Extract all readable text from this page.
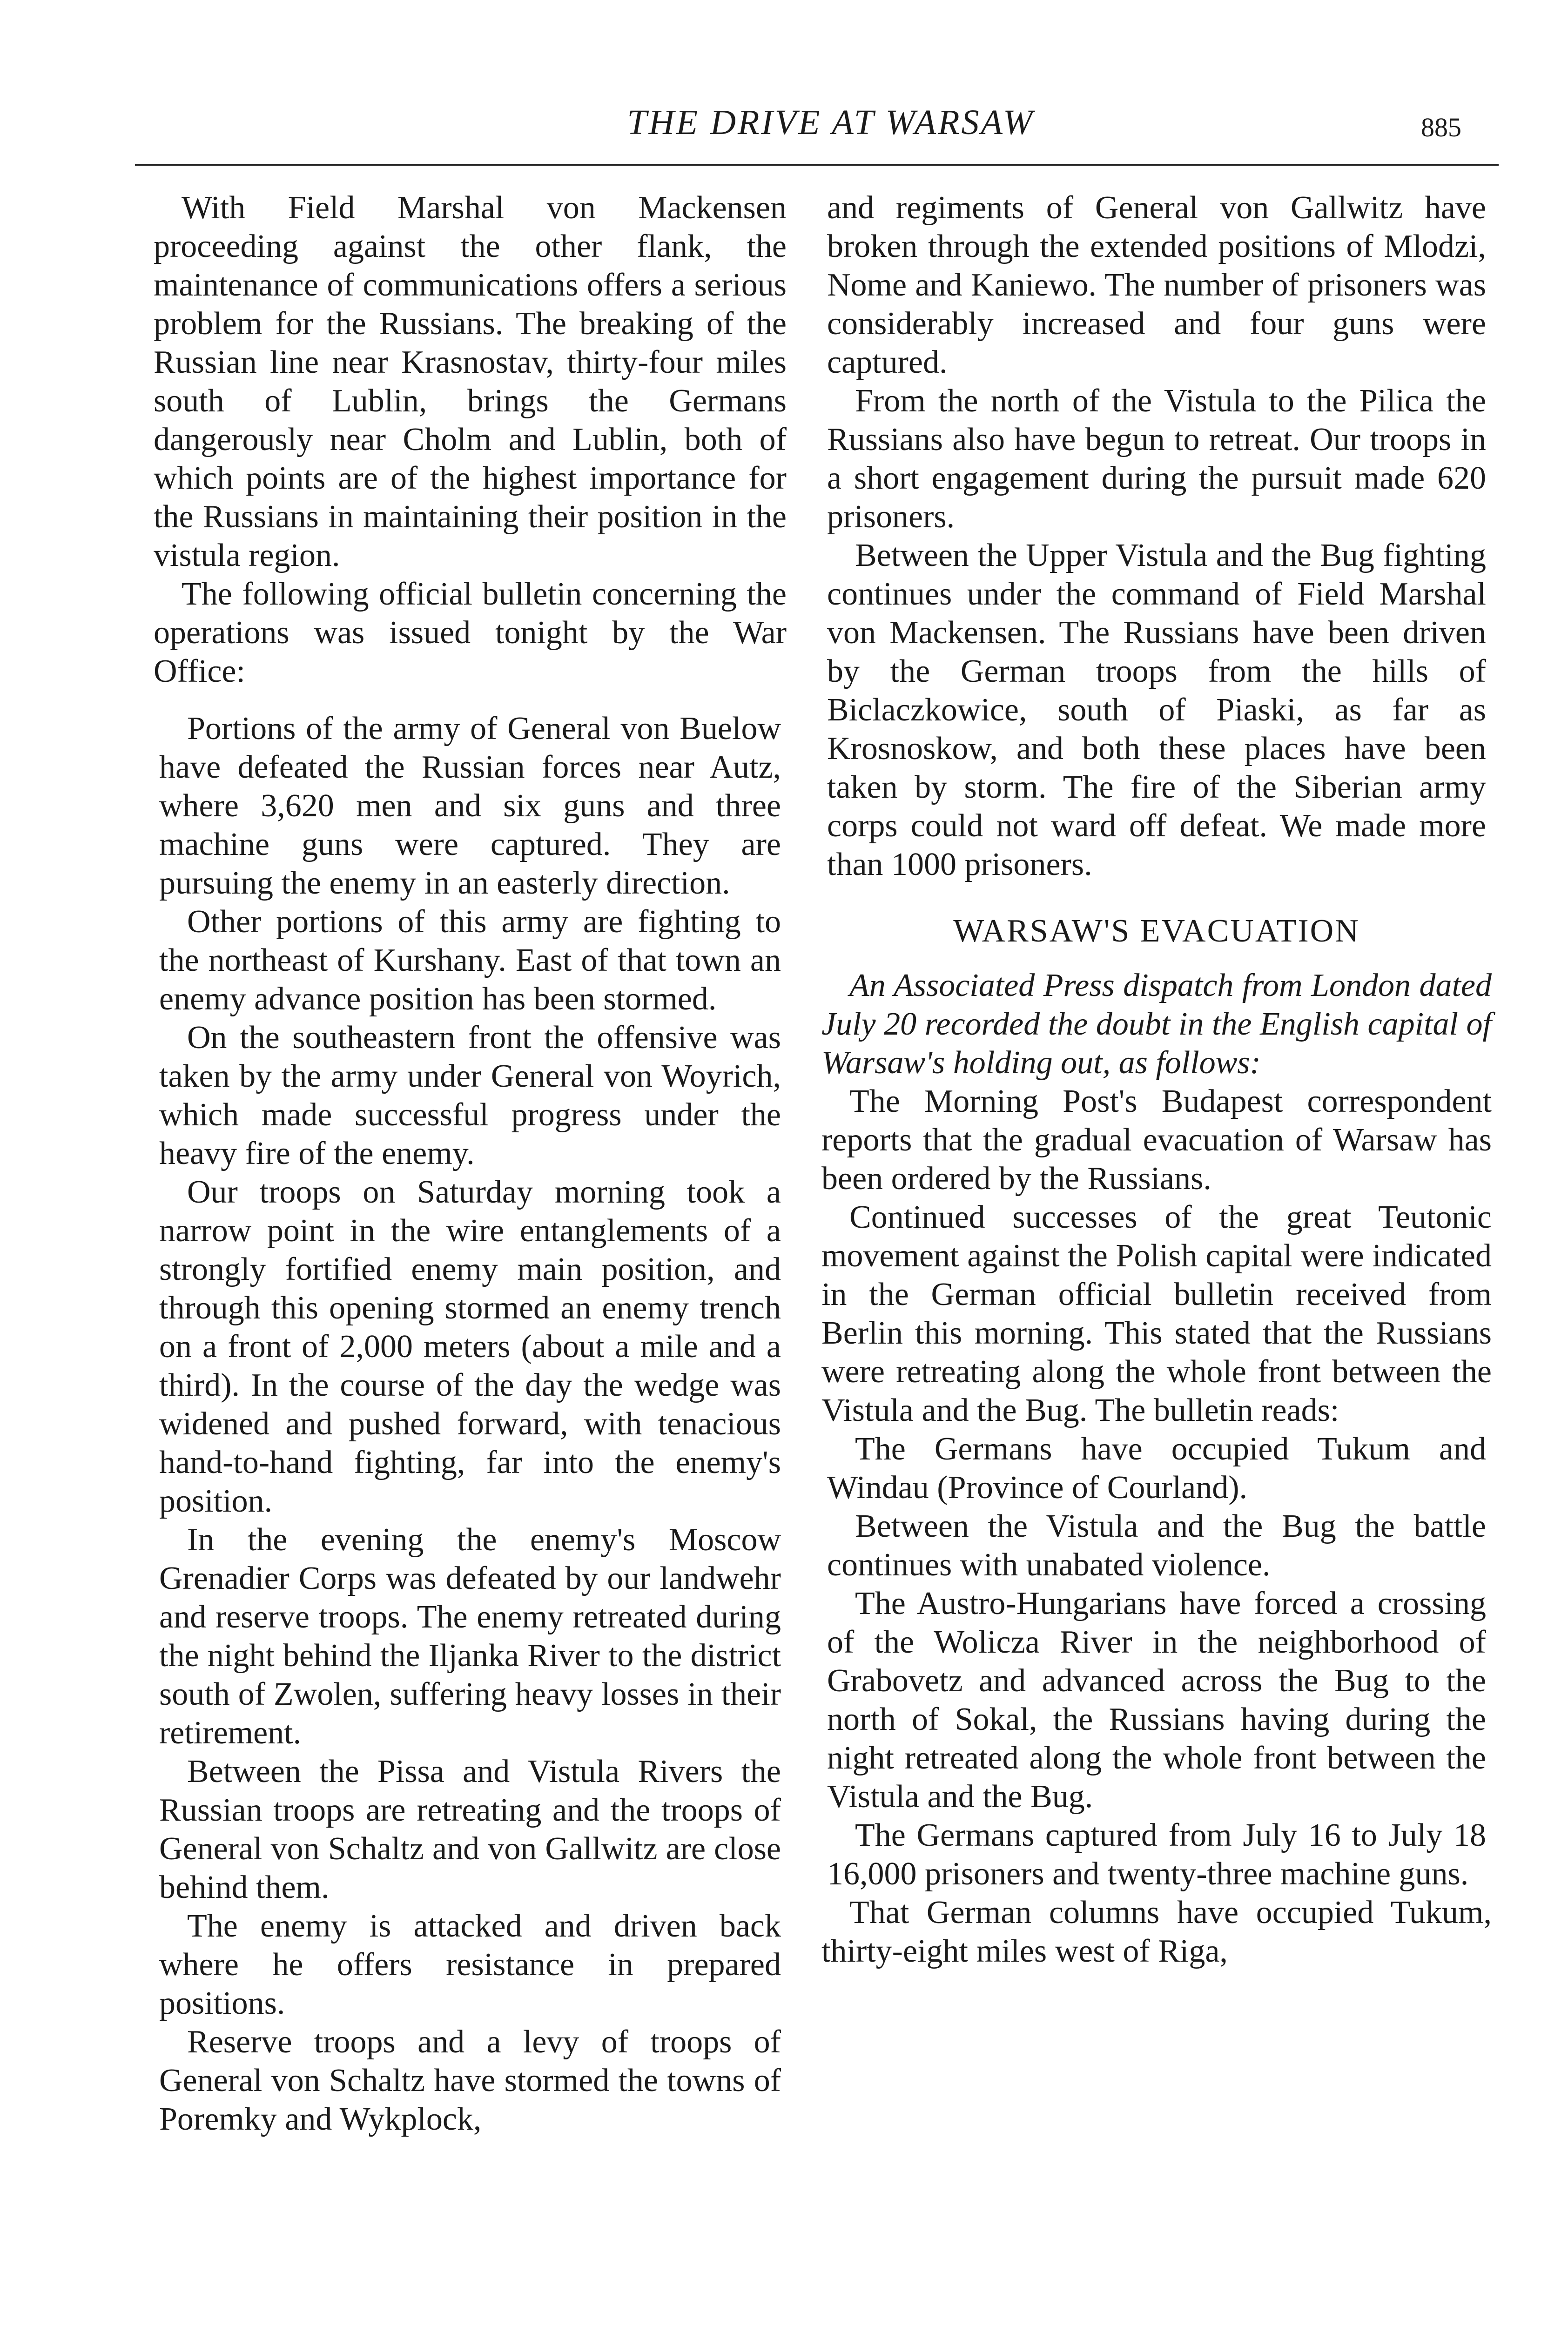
THE DRIVE AT WARSAW	885

With Field Marshal von Mackensen proceeding against the other flank, the maintenance of communications offers a serious problem for the Russians. The breaking of the Russian line near Krasnostav, thirty-four miles south of Lublin, brings the Germans dangerously near Cholm and Lublin, both of which points are of the highest importance for the Russians in maintaining their position in the vistula region.

The following official bulletin concerning the operations was issued tonight by the War Office:

Portions of the army of General von Buelow have defeated the Russian forces near Autz, where 3,620 men and six guns and three machine guns were captured. They are pursuing the enemy in an easterly direction.

Other portions of this army are fighting to the northeast of Kurshany. East of that town an enemy advance position has been stormed.

On the southeastern front the offensive was taken by the army under General von Woyrich, which made successful progress under the heavy fire of the enemy.

Our troops on Saturday morning took a narrow point in the wire entanglements of a strongly fortified enemy main position, and through this opening stormed an enemy trench on a front of 2,000 meters (about a mile and a third). In the course of the day the wedge was widened and pushed forward, with tenacious hand-to-hand fighting, far into the enemy's position.

In the evening the enemy's Moscow Grenadier Corps was defeated by our landwehr and reserve troops. The enemy retreated during the night behind the Iljanka River to the district south of Zwolen, suffering heavy losses in their retirement.

Between the Pissa and Vistula Rivers the Russian troops are retreating and the troops of General von Schaltz and von Gallwitz are close behind them.

The enemy is attacked and driven back where he offers resistance in prepared positions.

Reserve troops and a levy of troops of General von Schaltz have stormed the towns of Poremky and Wykplock,

and regiments of General von Gallwitz have broken through the extended positions of Mlodzi, Nome and Kaniewo. The number of prisoners was considerably increased and four guns were captured.

From the north of the Vistula to the Pilica the Russians also have begun to retreat. Our troops in a short engagement during the pursuit made 620 prisoners.

Between the Upper Vistula and the Bug fighting continues under the command of Field Marshal von Mackensen. The Russians have been driven by the German troops from the hills of Biclaczkowice, south of Piaski, as far as Krosnoskow, and both these places have been taken by storm. The fire of the Siberian army corps could not ward off defeat. We made more than 1000 prisoners.

WARSAW'S EVACUATION

An Associated Press dispatch from London dated July 20 recorded the doubt in the English capital of Warsaw's holding out, as follows:

The Morning Post's Budapest correspondent reports that the gradual evacuation of Warsaw has been ordered by the Russians.

Continued successes of the great Teutonic movement against the Polish capital were indicated in the German official bulletin received from Berlin this morning. This stated that the Russians were retreating along the whole front between the Vistula and the Bug. The bulletin reads:

The Germans have occupied Tukum and Windau (Province of Courland).

Between the Vistula and the Bug the battle continues with unabated violence.

The Austro-Hungarians have forced a crossing of the Wolicza River in the neighborhood of Grabovetz and advanced across the Bug to the north of Sokal, the Russians having during the night retreated along the whole front between the Vistula and the Bug.

The Germans captured from July 16 to July 18 16,000 prisoners and twenty-three machine guns.

That German columns have occupied Tukum, thirty-eight miles west of Riga,
